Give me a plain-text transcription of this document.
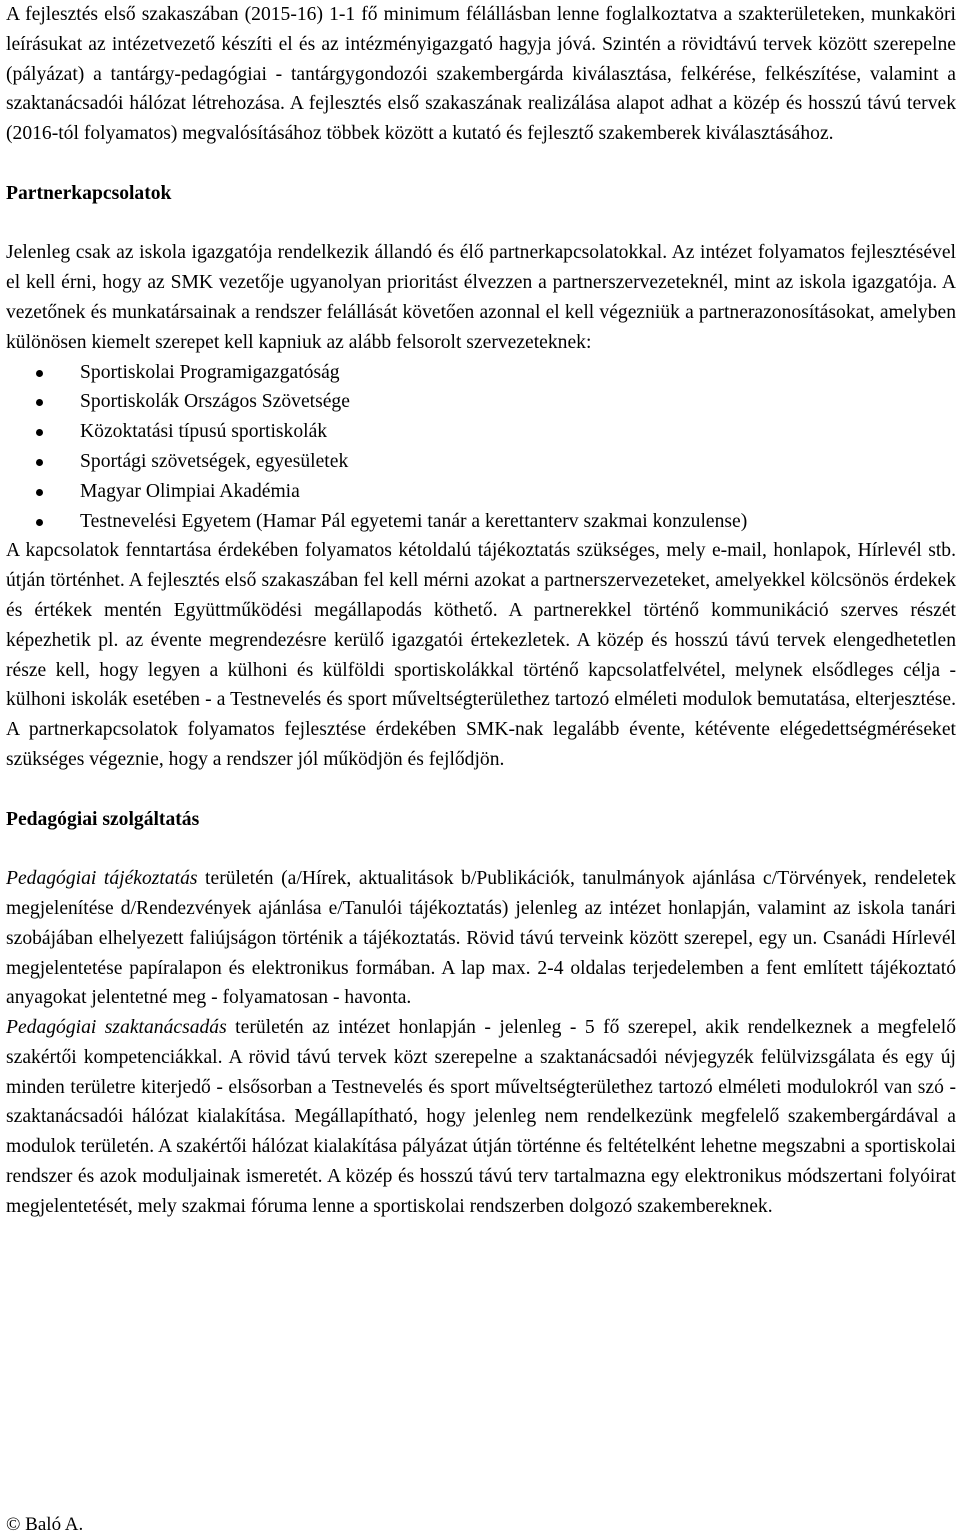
A fejlesztés első szakaszában (2015-16) 1-1 fő minimum félállásban lenne foglalkoztatva a szakterületeken, munkaköri leírásukat az intézetvezető készíti el és az intézményigazgató hagyja jóvá. Szintén a rövidtávú tervek között szerepelne (pályázat) a tantárgy-pedagógiai - tantárgygondozói szakembergárda kiválasztása, felkérése, felkészítése, valamint a szaktanácsadói hálózat létrehozása. A fejlesztés első szakaszának realizálása alapot adhat a közép és hosszú távú tervek (2016-tól folyamatos) megvalósításához többek között a kutató és fejlesztő szakemberek kiválasztásához.

Partnerkapcsolatok

Jelenleg csak az iskola igazgatója rendelkezik állandó és élő partnerkapcsolatokkal. Az intézet folyamatos fejlesztésével el kell érni, hogy az SMK vezetője ugyanolyan prioritást élvezzen a partnerszervezeteknél, mint az iskola igazgatója. A vezetőnek és munkatársainak a rendszer felállását követően azonnal el kell végezniük a partnerazonosításokat, amelyben különösen kiemelt szerepet kell kapniuk az alább felsorolt szervezeteknek:

Sportiskolai Programigazgatóság
Sportiskolák Országos Szövetsége
Közoktatási típusú sportiskolák
Sportági szövetségek, egyesületek
Magyar Olimpiai Akadémia
Testnevelési Egyetem (Hamar Pál egyetemi tanár a kerettanterv szakmai konzulense)

A kapcsolatok fenntartása érdekében folyamatos kétoldalú tájékoztatás szükséges, mely e-mail, honlapok, Hírlevél stb. útján történhet. A fejlesztés első szakaszában fel kell mérni azokat a partnerszervezeteket, amelyekkel kölcsönös érdekek és értékek mentén Együttműködési megállapodás köthető. A partnerekkel történő kommunikáció szerves részét képezhetik pl. az évente megrendezésre kerülő igazgatói értekezletek. A közép és hosszú távú tervek elengedhetetlen része kell, hogy legyen a külhoni és külföldi sportiskolákkal történő kapcsolatfelvétel, melynek elsődleges célja - külhoni iskolák esetében - a Testnevelés és sport műveltségterülethez tartozó elméleti modulok bemutatása, elterjesztése. A partnerkapcsolatok folyamatos fejlesztése érdekében SMK-nak legalább évente, kétévente elégedettségméréseket szükséges végeznie, hogy a rendszer jól működjön és fejlődjön.

Pedagógiai szolgáltatás

Pedagógiai tájékoztatás területén (a/Hírek, aktualitások b/Publikációk, tanulmányok ajánlása c/Törvények, rendeletek megjelenítése d/Rendezvények ajánlása e/Tanulói tájékoztatás) jelenleg az intézet honlapján, valamint az iskola tanári szobájában elhelyezett faliújságon történik a tájékoztatás. Rövid távú terveink között szerepel, egy un. Csanádi Hírlevél megjelentetése papíralapon és elektronikus formában. A lap max. 2-4 oldalas terjedelemben a fent említett tájékoztató anyagokat jelentetné meg - folyamatosan - havonta.

Pedagógiai szaktanácsadás területén az intézet honlapján - jelenleg - 5 fő szerepel, akik rendelkeznek a megfelelő szakértői kompetenciákkal. A rövid távú tervek közt szerepelne a szaktanácsadói névjegyzék felülvizsgálata és egy új minden területre kiterjedő - elsősorban a Testnevelés és sport műveltségterülethez tartozó elméleti modulokról van szó - szaktanácsadói hálózat kialakítása. Megállapítható, hogy jelenleg nem rendelkezünk megfelelő szakembergárdával a modulok területén. A szakértői hálózat kialakítása pályázat útján történne és feltételként lehetne megszabni a sportiskolai rendszer és azok moduljainak ismeretét. A közép és hosszú távú terv tartalmazna egy elektronikus módszertani folyóirat megjelentetését, mely szakmai fóruma lenne a sportiskolai rendszerben dolgozó szakembereknek.

© Baló A.
